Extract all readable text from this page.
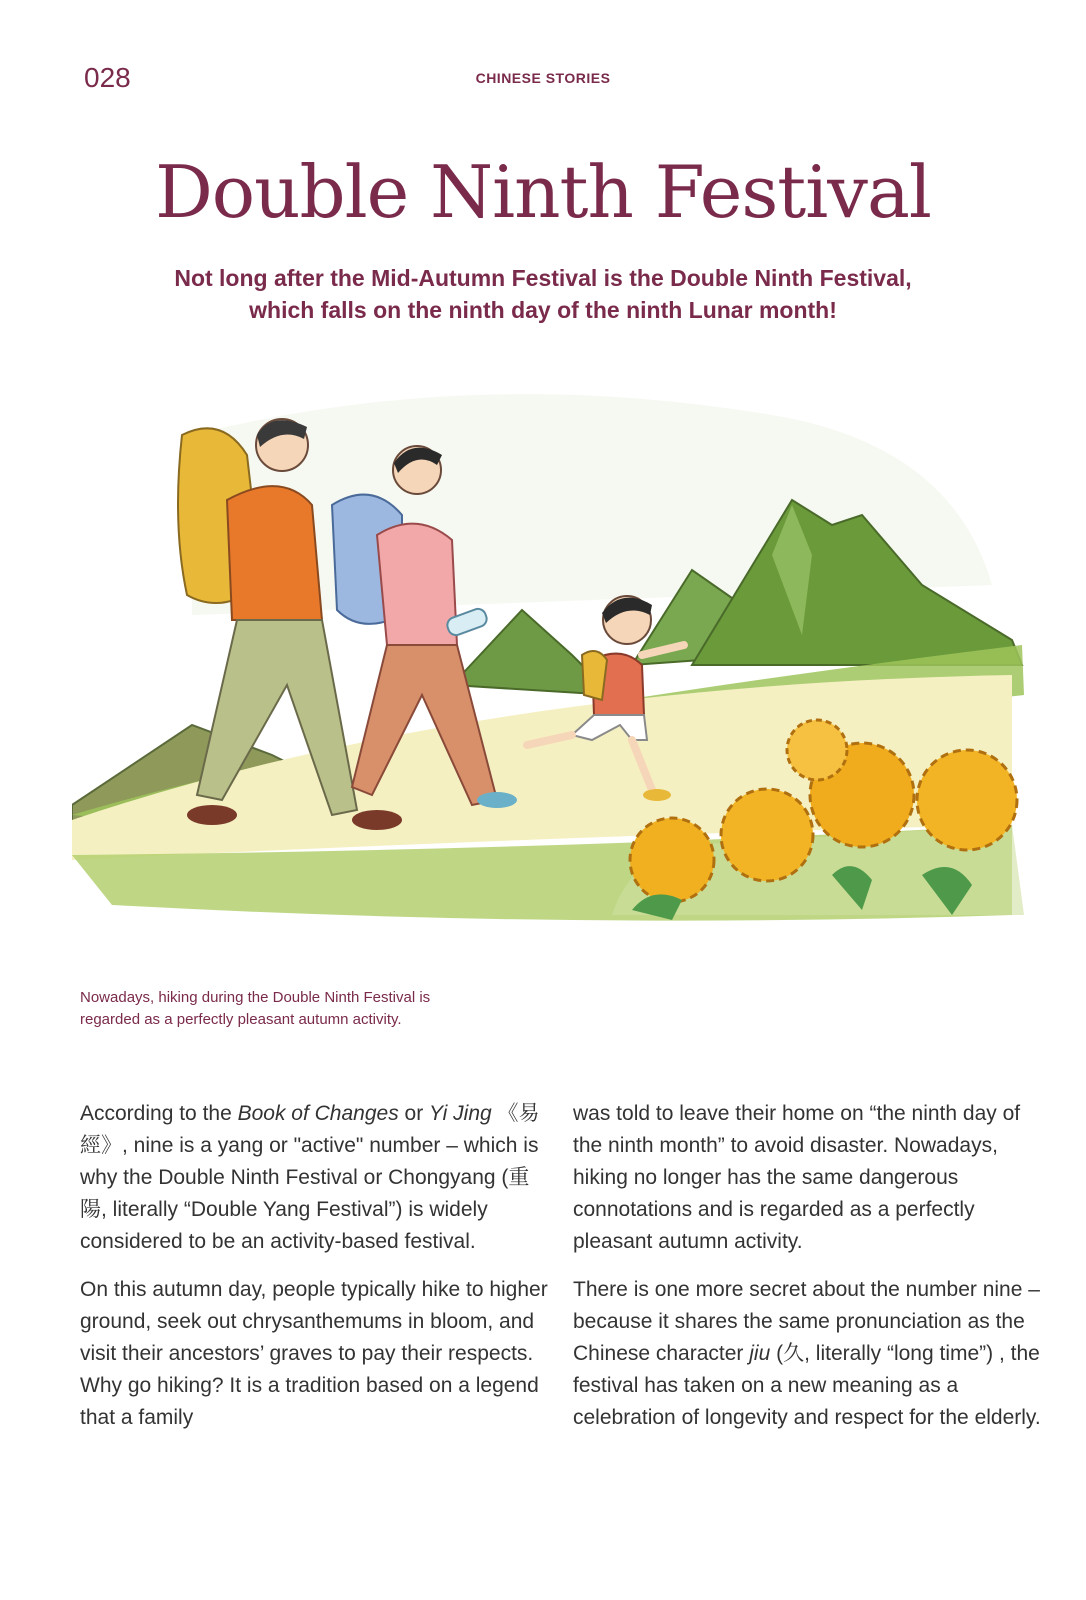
028	CHINESE STORIES
Double Ninth Festival
Not long after the Mid-Autumn Festival is the Double Ninth Festival,
which falls on the ninth day of the ninth Lunar month!
Nowadays, hiking during the Double Ninth Festival is
regarded as a perfectly pleasant autumn activity.

According to the Book of Changes or Yi Jing 《易經》, nine is a yang or "active" number – which is why the Double Ninth Festival or Chongyang (重陽, literally “Double Yang Festival”) is widely considered to be an activity-based festival.

On this autumn day, people typically hike to higher ground, seek out chrysanthemums in bloom, and visit their ancestors’ graves to pay their respects. Why go hiking? It is a tradition based on a legend that a family

was told to leave their home on “the ninth day of the ninth month” to avoid disaster. Nowadays, hiking no longer has the same dangerous connotations and is regarded as a perfectly pleasant autumn activity.

There is one more secret about the number nine – because it shares the same pronunciation as the Chinese character jiu (久, literally “long time”) , the festival has taken on a new meaning as a celebration of longevity and respect for the elderly.
